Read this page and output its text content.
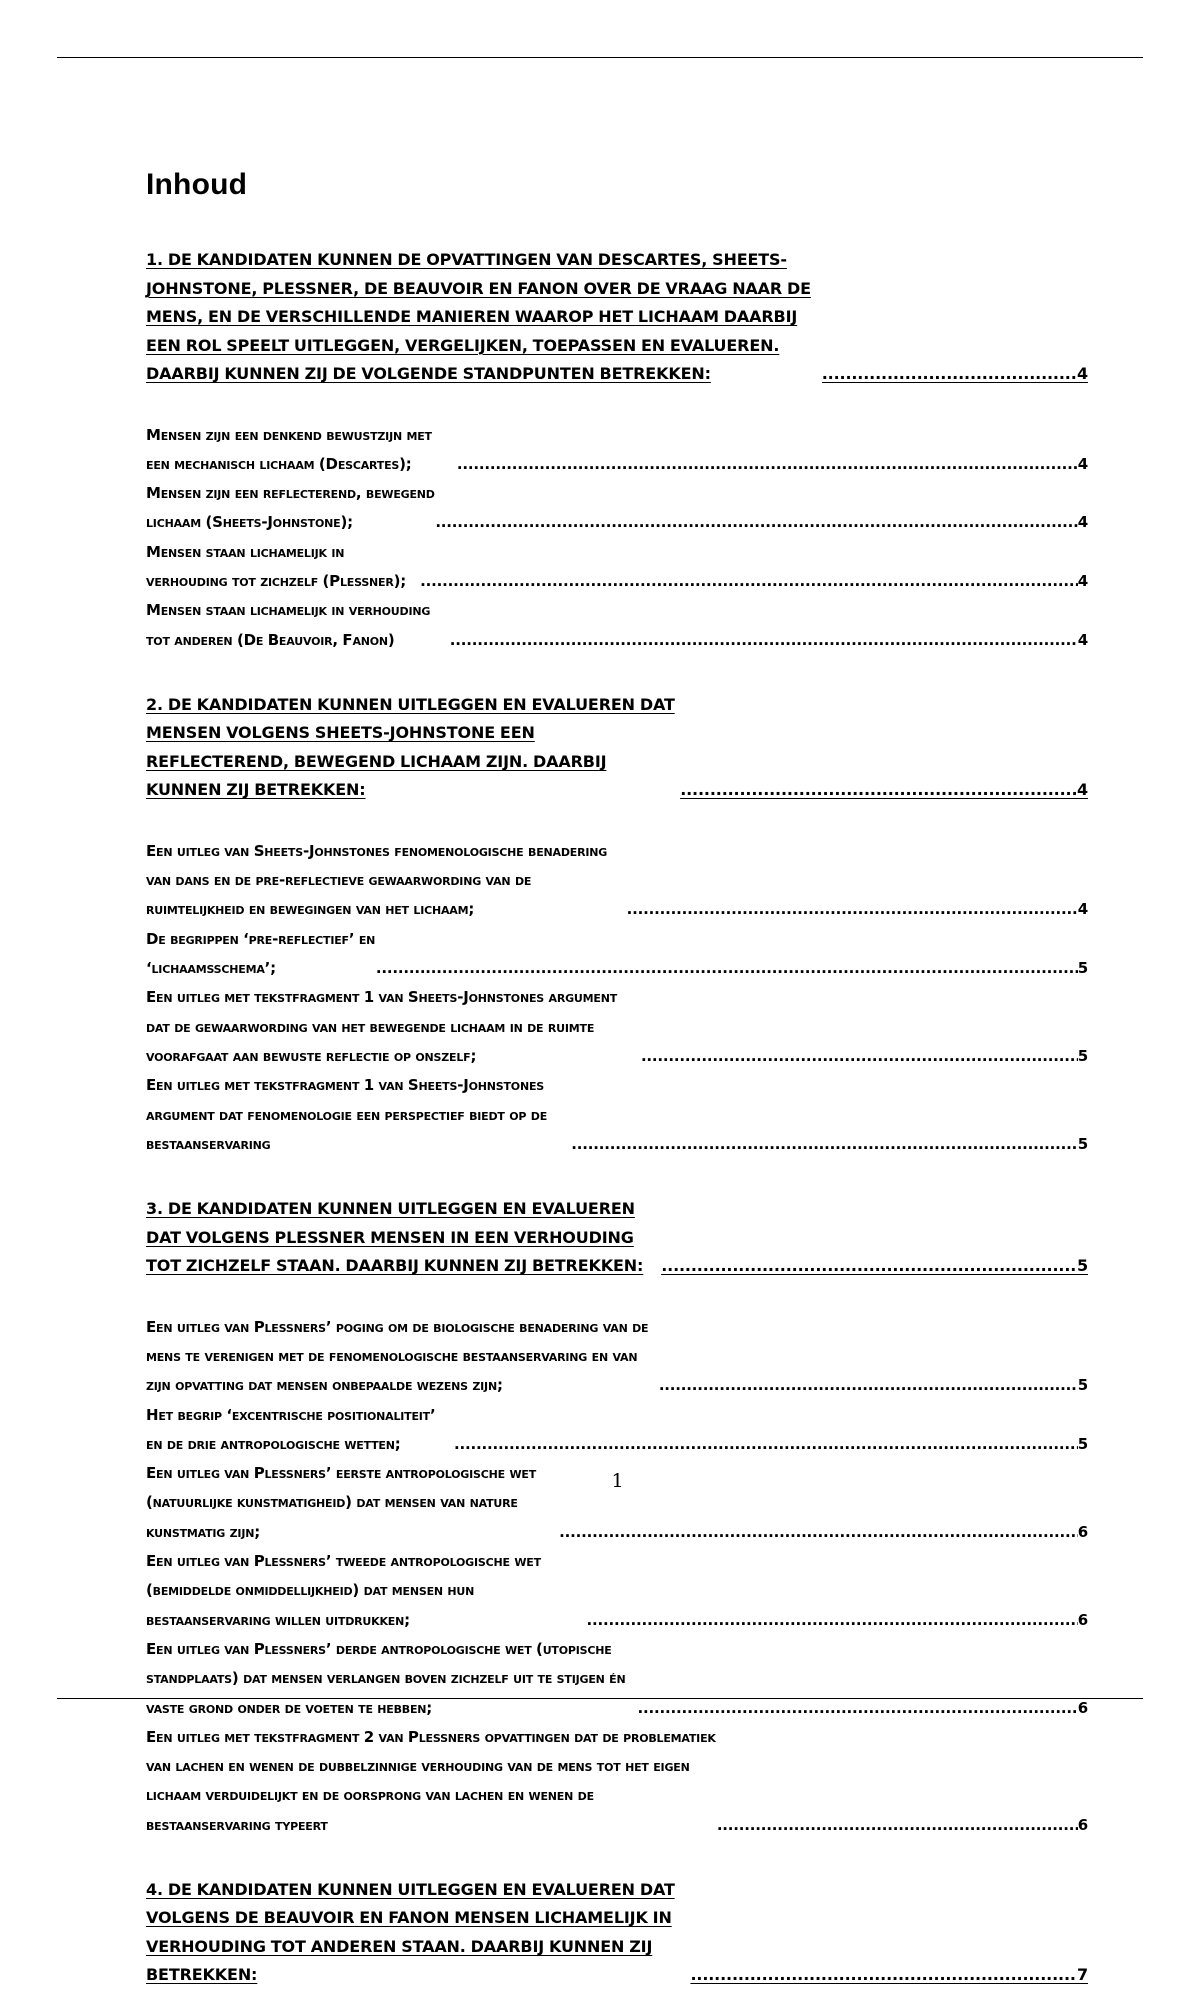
Inhoud
1. DE KANDIDATEN KUNNEN DE OPVATTINGEN VAN DESCARTES, SHEETS-JOHNSTONE, PLESSNER, DE BEAUVOIR EN FANON OVER DE VRAAG NAAR DE MENS, EN DE VERSCHILLENDE MANIEREN WAAROP HET LICHAAM DAARBIJ EEN ROL SPEELT UITLEGGEN, VERGELIJKEN, TOEPASSEN EN EVALUEREN. DAARBIJ KUNNEN ZIJ DE VOLGENDE STANDPUNTEN BETREKKEN: .....	4
Mensen zijn een denkend bewustzijn met een mechanisch lichaam (Descartes); .....	4
Mensen zijn een reflecterend, bewegend lichaam (Sheets-Johnstone); .....	4
Mensen staan lichamelijk in verhouding tot zichzelf (Plessner); .....	4
Mensen staan lichamelijk in verhouding tot anderen (De Beauvoir, Fanon) .....	4
2. DE KANDIDATEN KUNNEN UITLEGGEN EN EVALUEREN DAT MENSEN VOLGENS SHEETS-JOHNSTONE EEN REFLECTEREND, BEWEGEND LICHAAM ZIJN. DAARBIJ KUNNEN ZIJ BETREKKEN: .....	4
Een uitleg van Sheets-Johnstones fenomenologische benadering van dans en de pre-reflectieve gewaarwording van de ruimtelijkheid en bewegingen van het lichaam; .....	4
De begrippen ‘pre-reflectief’ en ‘lichaamsschema’; .....	5
Een uitleg met tekstfragment 1 van Sheets-Johnstones argument dat de gewaarwording van het bewegende lichaam in de ruimte voorafgaat aan bewuste reflectie op onszelf; .....	5
Een uitleg met tekstfragment 1 van Sheets-Johnstones argument dat fenomenologie een perspectief biedt op de bestaanservaring .....	5
3. DE KANDIDATEN KUNNEN UITLEGGEN EN EVALUEREN DAT VOLGENS PLESSNER MENSEN IN EEN VERHOUDING TOT ZICHZELF STAAN. DAARBIJ KUNNEN ZIJ BETREKKEN: .....	5
Een uitleg van Plessners’ poging om de biologische benadering van de mens te verenigen met de fenomenologische bestaanservaring en van zijn opvatting dat mensen onbepaalde wezens zijn; .....	5
Het begrip ‘excentrische positionaliteit’ en de drie antropologische wetten; .....	5
Een uitleg van Plessners’ eerste antropologische wet (natuurlijke kunstmatigheid) dat mensen van nature kunstmatig zijn; .....	6
Een uitleg van Plessners’ tweede antropologische wet (bemiddelde onmiddellijkheid) dat mensen hun bestaanservaring willen uitdrukken; .....	6
Een uitleg van Plessners’ derde antropologische wet (utopische standplaats) dat mensen verlangen boven zichzelf uit te stijgen én vaste grond onder de voeten te hebben; .....	6
Een uitleg met tekstfragment 2 van Plessners opvattingen dat de problematiek van lachen en wenen de dubbelzinnige verhouding van de mens tot het eigen lichaam verduidelijkt en de oorsprong van lachen en wenen de bestaanservaring typeert .....	6
4. DE KANDIDATEN KUNNEN UITLEGGEN EN EVALUEREN DAT VOLGENS DE BEAUVOIR EN FANON MENSEN LICHAMELIJK IN VERHOUDING TOT ANDEREN STAAN. DAARBIJ KUNNEN ZIJ BETREKKEN: .....	7
1
